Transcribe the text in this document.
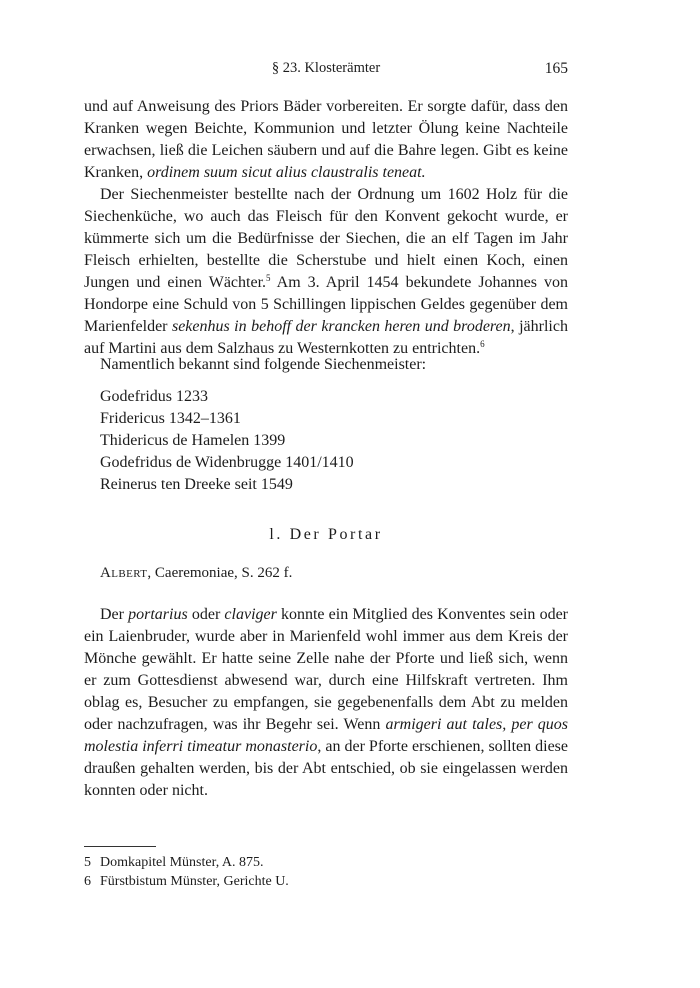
§ 23. Klosterämter	165

und auf Anweisung des Priors Bäder vorbereiten. Er sorgte dafür, dass den Kranken wegen Beichte, Kommunion und letzter Ölung keine Nachteile erwachsen, ließ die Leichen säubern und auf die Bahre legen. Gibt es keine Kranken, ordinem suum sicut alius claustralis teneat.

Der Siechenmeister bestellte nach der Ordnung um 1602 Holz für die Siechenküche, wo auch das Fleisch für den Konvent gekocht wurde, er kümmerte sich um die Bedürfnisse der Siechen, die an elf Tagen im Jahr Fleisch erhielten, bestellte die Scherstube und hielt einen Koch, einen Jungen und einen Wächter.$^5$ Am 3. April 1454 bekundete Johannes von Hondorpe eine Schuld von 5 Schillingen lippischen Geldes gegenüber dem Marienfelder sekenhus in behoff der krancken heren und broderen, jährlich auf Martini aus dem Salzhaus zu Westernkotten zu entrichten.$^6$

Namentlich bekannt sind folgende Siechenmeister:
Godefridus 1233
Fridericus 1342–1361
Thidericus de Hamelen 1399
Godefridus de Widenbrugge 1401/1410
Reinerus ten Dreeke seit 1549
l. Der Portar
Albert, Caeremoniae, S. 262 f.

Der portarius oder claviger konnte ein Mitglied des Konventes sein oder ein Laienbruder, wurde aber in Marienfeld wohl immer aus dem Kreis der Mönche gewählt. Er hatte seine Zelle nahe der Pforte und ließ sich, wenn er zum Gottesdienst abwesend war, durch eine Hilfskraft vertreten. Ihm oblag es, Besucher zu empfangen, sie gegebenenfalls dem Abt zu melden oder nachzufragen, was ihr Begehr sei. Wenn armigeri aut tales, per quos molestia inferri timeatur monasterio, an der Pforte erschienen, sollten diese draußen gehalten werden, bis der Abt entschied, ob sie eingelassen werden konnten oder nicht.

5 Domkapitel Münster, A. 875.
6 Fürstbistum Münster, Gerichte U.
